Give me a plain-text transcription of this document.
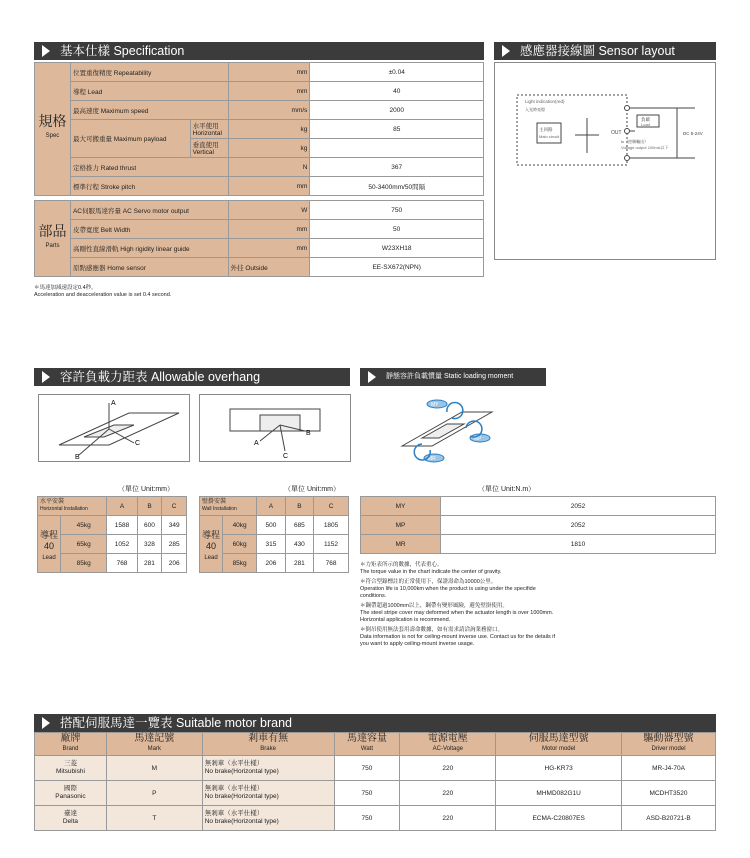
基本仕樣 Specification
規格
Spec	位置重復精度 Repeatability		mm	±0.04
	導程 Lead		mm	40
	最高速度 Maximum speed		mm/s	2000
	最大可搬重量 Maximum payload	水平使用 Horizontal	kg	85
		垂直使用 Vertical	kg	
	定格推力 Rated thrust		N	367
	標準行程 Stroke pitch		mm	50-3400mm/50間隔
部品
Parts	AC伺服馬達容量 AC Servo motor output	W	750
	皮帶寬度 Belt Width	mm	50
	高剛性直線滑軌 High rigidity linear guide	mm	W23XH18
	原點感應器 Home sensor	外挂 Outside	EE-SX672(NPN)
＊馬達加減速設定0.4秒。
Acceleration and deacceleration value is set 0.4 second.
感應器接線圖 Sensor layout
Light indication(red)
入光時亮燈
主回路
Main circuit
OUT
負載
Load
Ic（控制輸出）
Voltage output 100mA以下
DC 5-24V
容許負載力距表 Allowable overhang
A
C
B
A
B
C
（單位 Unit:mm）	（單位 Unit:mm）
水平安裝
Horizontal Installation		A	B	C
導程40
Lead	45kg	1588	600	349
	65kg	1052	328	285
	85kg	768	281	206
壁掛安裝
Wall Installation		A	B	C
導程40
Lead	40kg	500	685	1805
	60kg	315	430	1152
	85kg	206	281	768
靜態容許負載慣量 Static loading moment
MY
MP
MR
（單位 Unit:N.m）
MY	2052
MP	2052
MR	1810
＊力矩表所示的數據，代表重心。
The torque value in the chart indicate the center of gravity.
＊符合型錄標註的正常使用下，保證壽命為10000公里。
Operation life is 10,000km when the product is using under the specifide conditions.
＊鋼帶超過1000mm以上，鋼帶有變形風險，避免壁掛使用。
The steel stripe cover may deformed when the actuator length is over 1000mm. Horizontal application is recommend.
＊倒吊使用無法套用壽命數據，如有需求請洽詢業務窗口。
Data information is not for ceiling-mount inverse use. Contact us for the details if you want to apply ceiling-mount inverse usage.
搭配伺服馬達一覽表 Suitable motor brand
廠牌
Brand	馬達記號
Mark	剎車有無
Brake	馬達容量
Watt	電源電壓
AC-Voltage	伺服馬達型號
Motor model	驅動器型號
Driver model
三菱
Mitsubishi	M	無剎車（水平仕樣）
No brake(Horizontal type)	750	220	HG-KR73	MR-J4-70A
國際
Panasonic	P	無剎車（水平仕樣）
No brake(Horizontal type)	750	220	MHMD082G1U	MCDHT3520
臺達
Delta	T	無剎車（水平仕樣）
No brake(Horizontal type)	750	220	ECMA-C20807ES	ASD-B20721-B
